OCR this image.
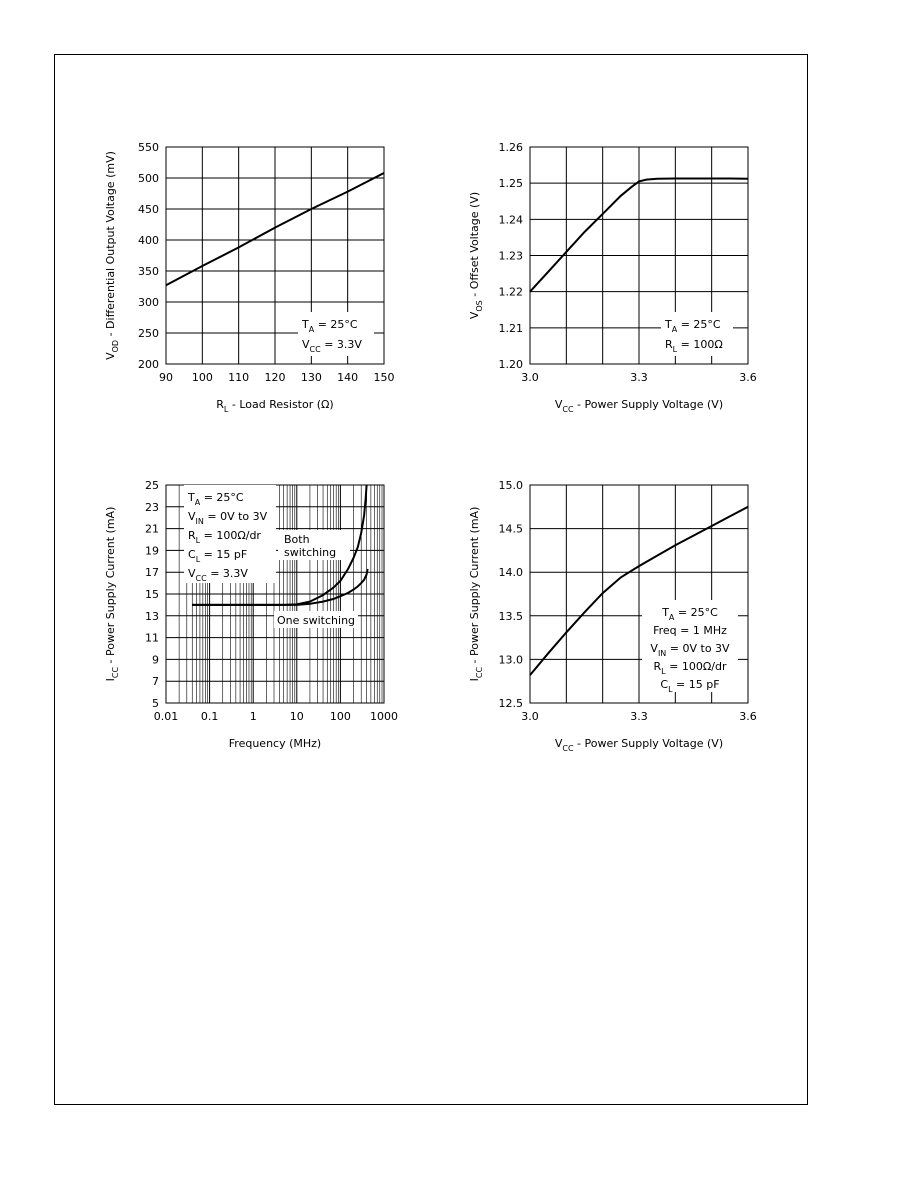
90 100 110 120 130 140 150
200
250
300
350
400
450
500
550
$T_A = 25^\circ C$
$V_{CC} = 3.3V$
$V_{OD}$ - Differential Output Voltage (mV)
$R_L$ - Load Resistor (Ω)
3.0	3.3	3.6
1.20
1.21
1.22
1.23
1.24
1.25
1.26
$T_A = 25^\circ C$
$R_L = 100\Omega$
$V_{OS}$ - Offset Voltage (V)
$V_{CC}$ - Power Supply Voltage (V)
0.01 0.1	1	10 100 1000
5
7
9
11
13
15
17
19
21
23
25
$T_A = 25^\circ C$
$V_{IN} = 0V$ to 3V
$R_L = 100\Omega/dr$
$C_L = 15$ pF
$V_{CC} = 3.3V$
Both
switching
One switching
$I_{CC}$ - Power Supply Current (mA)
Frequency (MHz)
3.0	3.3	3.6
12.5
13.0
13.5
14.0
14.5
15.0
$T_A = 25^\circ C$
Freq = 1 MHz
$V_{IN} = 0V$ to 3V
$R_L = 100\Omega/dr$
$C_L = 15$ pF
$I_{CC}$ - Power Supply Current (mA)
$V_{CC}$ - Power Supply Voltage (V)
